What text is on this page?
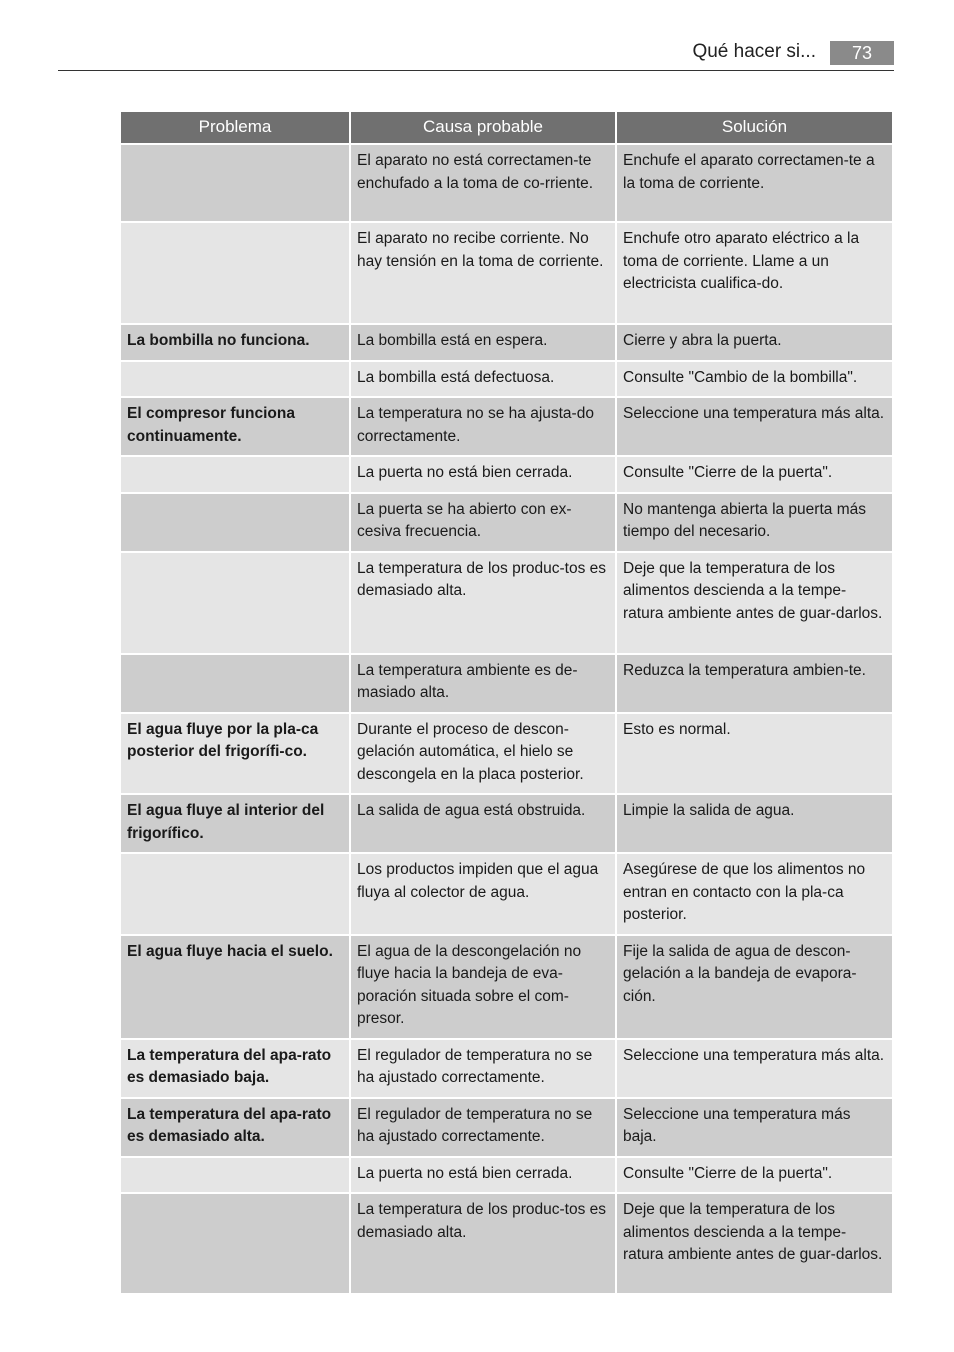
Qué hacer si...	73
Problema	Causa probable	Solución
	El aparato no está correctamen-te enchufado a la toma de co-rriente.	Enchufe el aparato correctamen-te a la toma de corriente.
	El aparato no recibe corriente. No hay tensión en la toma de corriente.	Enchufe otro aparato eléctrico a la toma de corriente. Llame a un electricista cualifica-do.
La bombilla no funciona.	La bombilla está en espera.	Cierre y abra la puerta.
	La bombilla está defectuosa.	Consulte "Cambio de la bombilla".
El compresor funciona continuamente.	La temperatura no se ha ajusta-do correctamente.	Seleccione una temperatura más alta.
	La puerta no está bien cerrada.	Consulte "Cierre de la puerta".
	La puerta se ha abierto con ex-cesiva frecuencia.	No mantenga abierta la puerta más tiempo del necesario.
	La temperatura de los produc-tos es demasiado alta.	Deje que la temperatura de los alimentos descienda a la tempe-ratura ambiente antes de guar-darlos.
	La temperatura ambiente es de-masiado alta.	Reduzca la temperatura ambien-te.
El agua fluye por la pla-ca posterior del frigorífi-co.	Durante el proceso de descon-gelación automática, el hielo se descongela en la placa posterior.	Esto es normal.
El agua fluye al interior del frigorífico.	La salida de agua está obstruida.	Limpie la salida de agua.
	Los productos impiden que el agua fluya al colector de agua.	Asegúrese de que los alimentos no entran en contacto con la pla-ca posterior.
El agua fluye hacia el suelo.	El agua de la descongelación no fluye hacia la bandeja de eva-poración situada sobre el com-presor.	Fije la salida de agua de descon-gelación a la bandeja de evapora-ción.
La temperatura del apa-rato es demasiado baja.	El regulador de temperatura no se ha ajustado correctamente.	Seleccione una temperatura más alta.
La temperatura del apa-rato es demasiado alta.	El regulador de temperatura no se ha ajustado correctamente.	Seleccione una temperatura más baja.
	La puerta no está bien cerrada.	Consulte "Cierre de la puerta".
	La temperatura de los produc-tos es demasiado alta.	Deje que la temperatura de los alimentos descienda a la tempe-ratura ambiente antes de guar-darlos.
